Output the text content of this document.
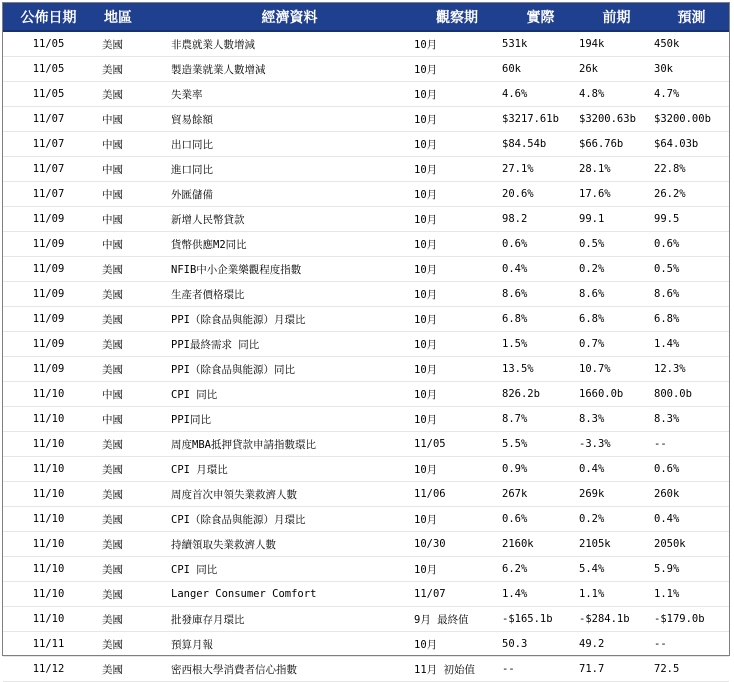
公佈日期	地區	經濟資料	觀察期	實際	前期	預測
11/05	美國	非農就業人數增減	10月	531k	194k	450k
11/05	美國	製造業就業人數增減	10月	60k	26k	30k
11/05	美國	失業率	10月	4.6%	4.8%	4.7%
11/07	中國	貿易餘額	10月	$3217.61b	$3200.63b	$3200.00b
11/07	中國	出口同比	10月	$84.54b	$66.76b	$64.03b
11/07	中國	進口同比	10月	27.1%	28.1%	22.8%
11/07	中國	外匯儲備	10月	20.6%	17.6%	26.2%
11/09	中國	新增人民幣貸款	10月	98.2	99.1	99.5
11/09	中國	貨幣供應M2同比	10月	0.6%	0.5%	0.6%
11/09	美國	NFIB中小企業樂觀程度指數	10月	0.4%	0.2%	0.5%
11/09	美國	生產者價格環比	10月	8.6%	8.6%	8.6%
11/09	美國	PPI（除食品與能源）月環比	10月	6.8%	6.8%	6.8%
11/09	美國	PPI最終需求 同比	10月	1.5%	0.7%	1.4%
11/09	美國	PPI（除食品與能源）同比	10月	13.5%	10.7%	12.3%
11/10	中國	CPI 同比	10月	826.2b	1660.0b	800.0b
11/10	中國	PPI同比	10月	8.7%	8.3%	8.3%
11/10	美國	周度MBA抵押貸款申請指數環比	11/05	5.5%	-3.3%	--
11/10	美國	CPI 月環比	10月	0.9%	0.4%	0.6%
11/10	美國	周度首次申領失業救濟人數	11/06	267k	269k	260k
11/10	美國	CPI（除食品與能源）月環比	10月	0.6%	0.2%	0.4%
11/10	美國	持續領取失業救濟人數	10/30	2160k	2105k	2050k
11/10	美國	CPI 同比	10月	6.2%	5.4%	5.9%
11/10	美國	Langer Consumer Comfort	11/07	1.4%	1.1%	1.1%
11/10	美國	批發庫存月環比	9月 最終值	-$165.1b	-$284.1b	-$179.0b
11/11	美國	預算月報	10月	50.3	49.2	--
11/12	美國	密西根大學消費者信心指數	11月 初始值	--	71.7	72.5
